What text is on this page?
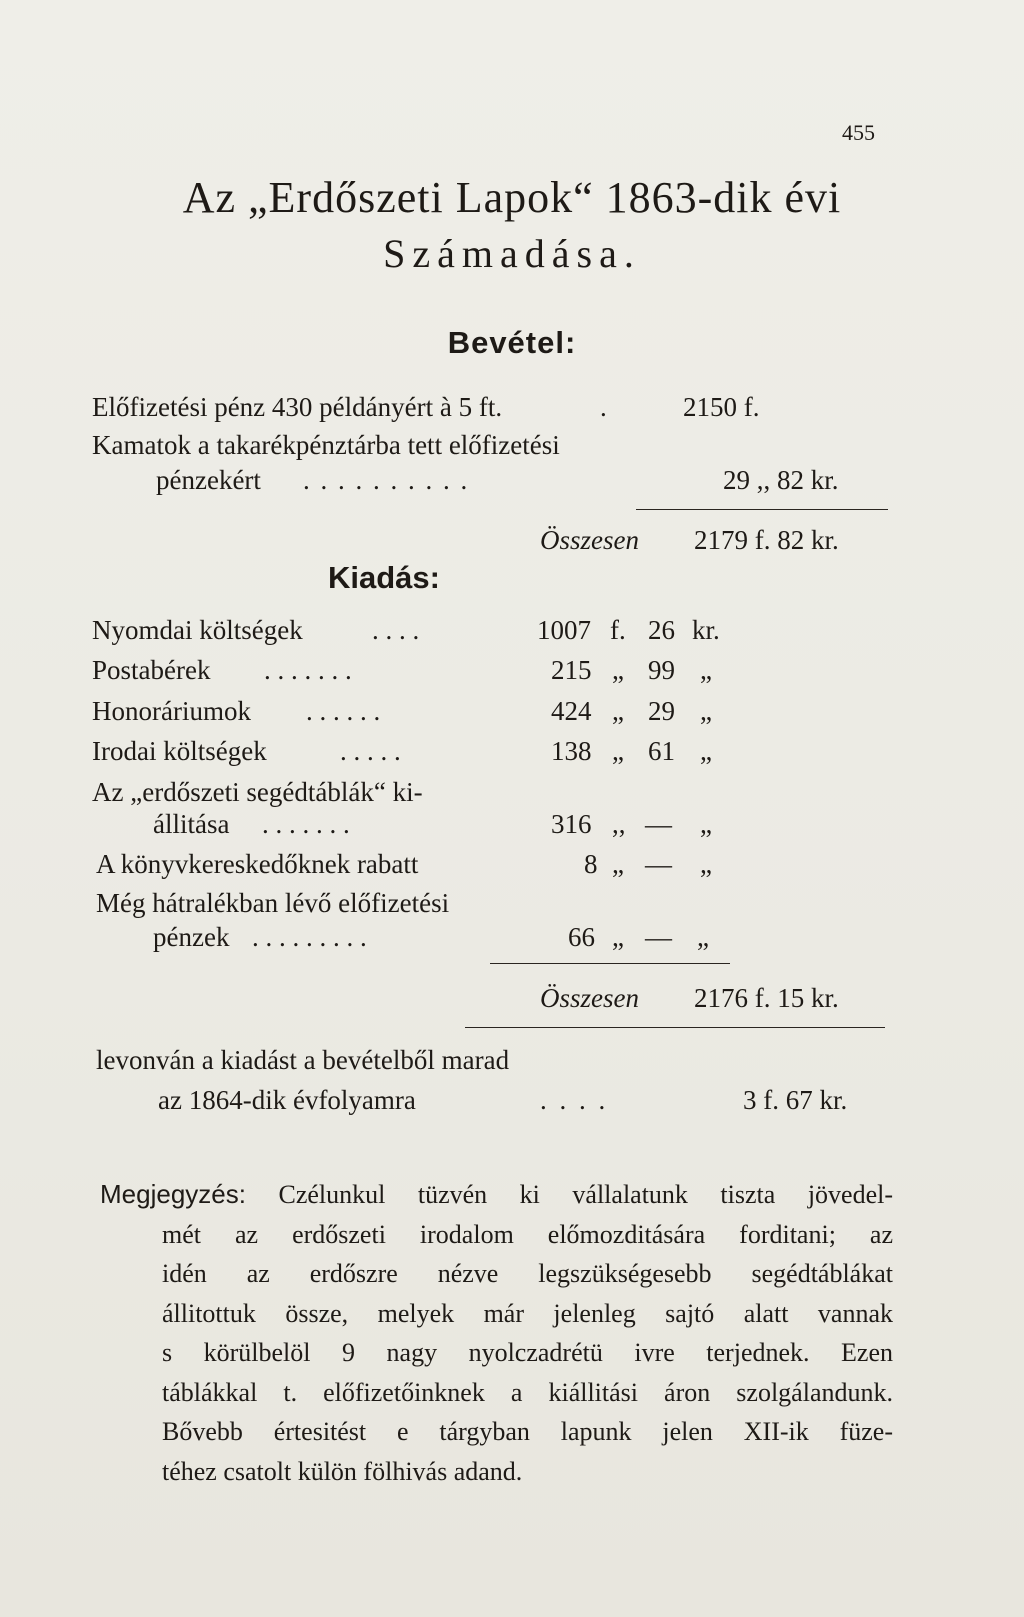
455
Az „Erdőszeti Lapok“ 1863-dik évi
Számadása.
Bevétel:
Előfizetési pénz 430 példányért à 5 ft.	.	2150 f.
Kamatok a takarékpénztárba tett előfizetési
pénzekért . . . . . . . . . .	29 ,, 82 kr.
Összesen 2179 f. 82 kr.
Kiadás:
Nyomdai költségek	. . . .	1007 f. 26 kr.
Postabérek . . . . . . .	215 „ 99 „
Honoráriumok . . . . . .	424 „ 29 „
Irodai költségek	. . . . .	138 „ 61 „
Az „erdőszeti segédtáblák“ ki-
állitása . . . . . . .	316 ,, — „
A könyvkereskedőknek rabatt	8 „ — „
Még hátralékban lévő előfizetési
pénzek . . . . . . . . .	66 „ — „
Összesen 2176 f. 15 kr.
levonván a kiadást a bevételből marad
az 1864-dik évfolyamra	. . . .	3 f. 67 kr.
Megjegyzés: Czélunkul tüzvén ki vállalatunk tiszta jövedel-
mét az erdőszeti irodalom előmozditására forditani; az
idén az erdőszre nézve legszükségesebb segédtáblákat
állitottuk össze, melyek már jelenleg sajtó alatt vannak
s körülbelöl 9 nagy nyolczadrétü ivre terjednek. Ezen
táblákkal t. előfizetőinknek a kiállitási áron szolgálandunk.
Bővebb értesitést e tárgyban lapunk jelen XII-ik füze-
téhez csatolt külön fölhivás adand.
